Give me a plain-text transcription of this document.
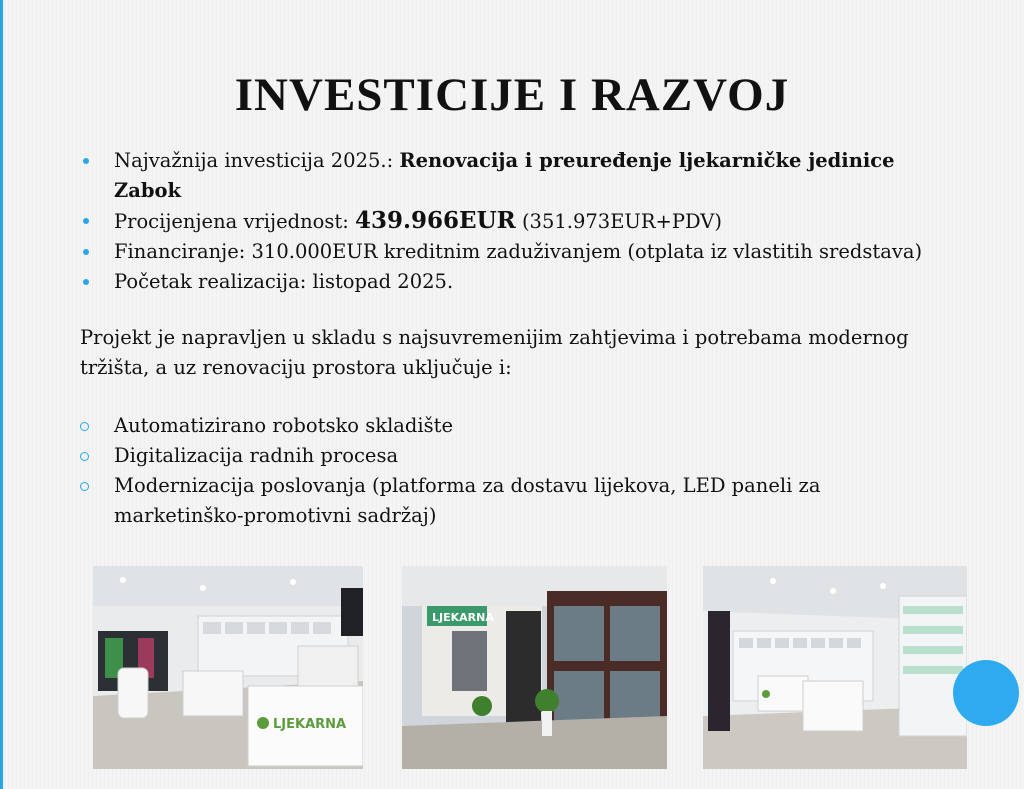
INVESTICIJE I RAZVOJ
Najvažnija investicija 2025.: Renovacija i preuređenje ljekarničke jedinice Zabok
Procijenjena vrijednost: 439.966EUR (351.973EUR+PDV)
Financiranje: 310.000EUR kreditnim zaduživanjem (otplata iz vlastitih sredstava)
Početak realizacija: listopad 2025.

Projekt je napravljen u skladu s najsuvremenijim zahtjevima i potrebama modernog tržišta, a uz renovaciju prostora uključuje i:

Automatizirano robotsko skladište
Digitalizacija radnih procesa
Modernizacija poslovanja (platforma za dostavu lijekova, LED paneli za marketinško-promotivni sadržaj)
LJEKARNA
LJEKARNA
